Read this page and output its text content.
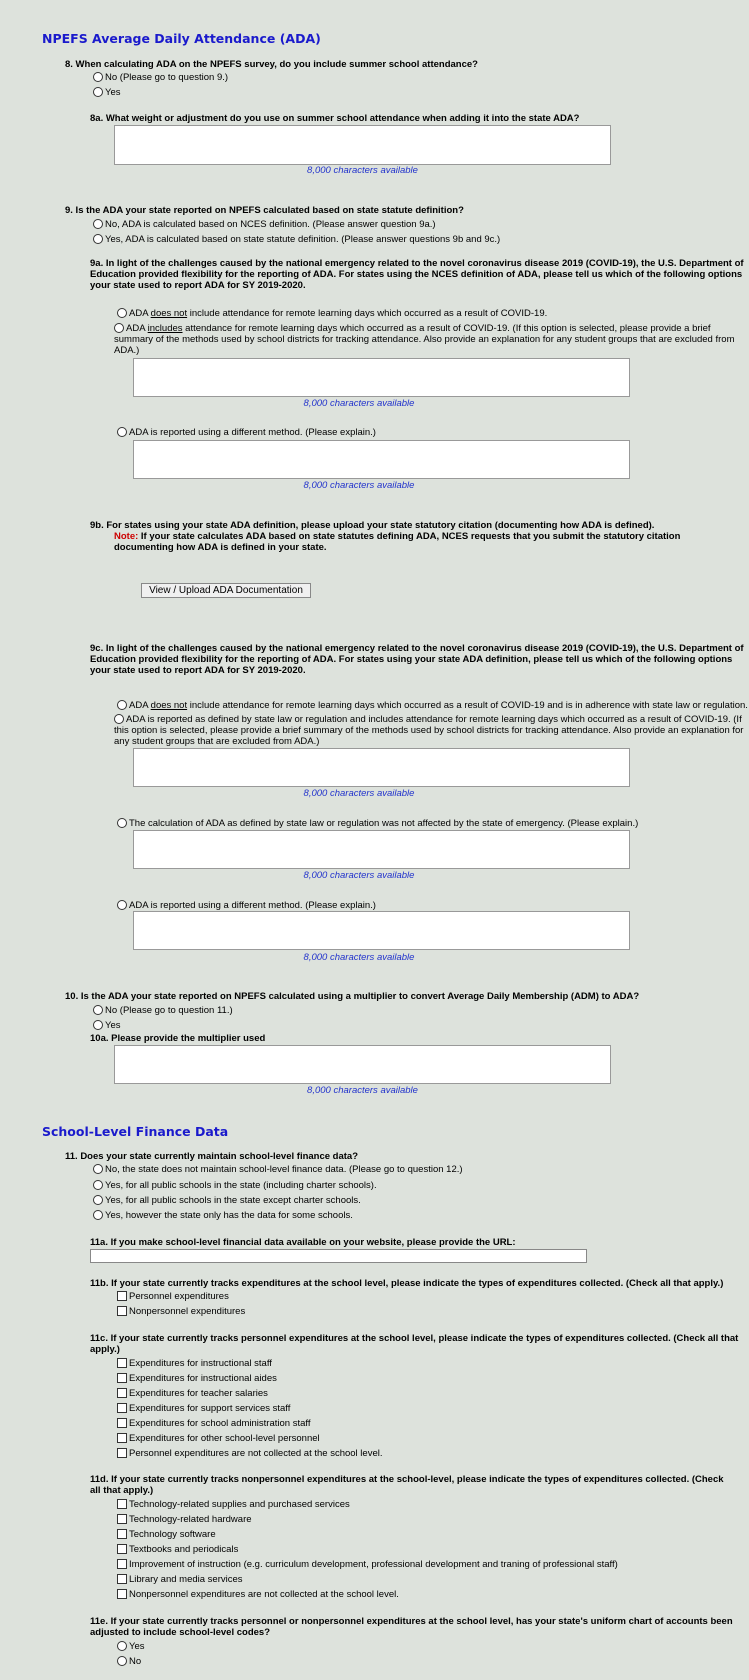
NPEFS Average Daily Attendance (ADA)
8. When calculating ADA on the NPEFS survey, do you include summer school attendance?
No (Please go to question 9.)
Yes
8a. What weight or adjustment do you use on summer school attendance when adding it into the state ADA?
8,000 characters available
9. Is the ADA your state reported on NPEFS calculated based on state statute definition?
No, ADA is calculated based on NCES definition. (Please answer question 9a.)
Yes, ADA is calculated based on state statute definition. (Please answer questions 9b and 9c.)
9a. In light of the challenges caused by the national emergency related to the novel coronavirus disease 2019 (COVID-19), the U.S. Department of Education provided flexibility for the reporting of ADA. For states using the NCES definition of ADA, please tell us which of the following options your state used to report ADA for SY 2019-2020.
ADA does not include attendance for remote learning days which occurred as a result of COVID-19.
ADA includes attendance for remote learning days which occurred as a result of COVID-19. (If this option is selected, please provide a brief summary of the methods used by school districts for tracking attendance. Also provide an explanation for any student groups that are excluded from ADA.)
8,000 characters available
ADA is reported using a different method. (Please explain.)
8,000 characters available
9b. For states using your state ADA definition, please upload your state statutory citation (documenting how ADA is defined).
Note: If your state calculates ADA based on state statutes defining ADA, NCES requests that you submit the statutory citation documenting how ADA is defined in your state.
View / Upload ADA Documentation
9c. In light of the challenges caused by the national emergency related to the novel coronavirus disease 2019 (COVID-19), the U.S. Department of Education provided flexibility for the reporting of ADA. For states using your state ADA definition, please tell us which of the following options your state used to report ADA for SY 2019-2020.
ADA does not include attendance for remote learning days which occurred as a result of COVID-19 and is in adherence with state law or regulation.
ADA is reported as defined by state law or regulation and includes attendance for remote learning days which occurred as a result of COVID-19. (If this option is selected, please provide a brief summary of the methods used by school districts for tracking attendance. Also provide an explanation for any student groups that are excluded from ADA.)
8,000 characters available
The calculation of ADA as defined by state law or regulation was not affected by the state of emergency. (Please explain.)
8,000 characters available
ADA is reported using a different method. (Please explain.)
8,000 characters available
10. Is the ADA your state reported on NPEFS calculated using a multiplier to convert Average Daily Membership (ADM) to ADA?
No (Please go to question 11.)
Yes
10a. Please provide the multiplier used
8,000 characters available
School-Level Finance Data
11. Does your state currently maintain school-level finance data?
No, the state does not maintain school-level finance data. (Please go to question 12.)
Yes, for all public schools in the state (including charter schools).
Yes, for all public schools in the state except charter schools.
Yes, however the state only has the data for some schools.
11a. If you make school-level financial data available on your website, please provide the URL:
11b. If your state currently tracks expenditures at the school level, please indicate the types of expenditures collected. (Check all that apply.)
Personnel expenditures
Nonpersonnel expenditures
11c. If your state currently tracks personnel expenditures at the school level, please indicate the types of expenditures collected. (Check all that apply.)
Expenditures for instructional staff
Expenditures for instructional aides
Expenditures for teacher salaries
Expenditures for support services staff
Expenditures for school administration staff
Expenditures for other school-level personnel
Personnel expenditures are not collected at the school level.
11d. If your state currently tracks nonpersonnel expenditures at the school-level, please indicate the types of expenditures collected. (Check all that apply.)
Technology-related supplies and purchased services
Technology-related hardware
Technology software
Textbooks and periodicals
Improvement of instruction (e.g. curriculum development, professional development and traning of professional staff)
Library and media services
Nonpersonnel expenditures are not collected at the school level.
11e. If your state currently tracks personnel or nonpersonnel expenditures at the school level, has your state's uniform chart of accounts been adjusted to include school-level codes?
Yes
No
